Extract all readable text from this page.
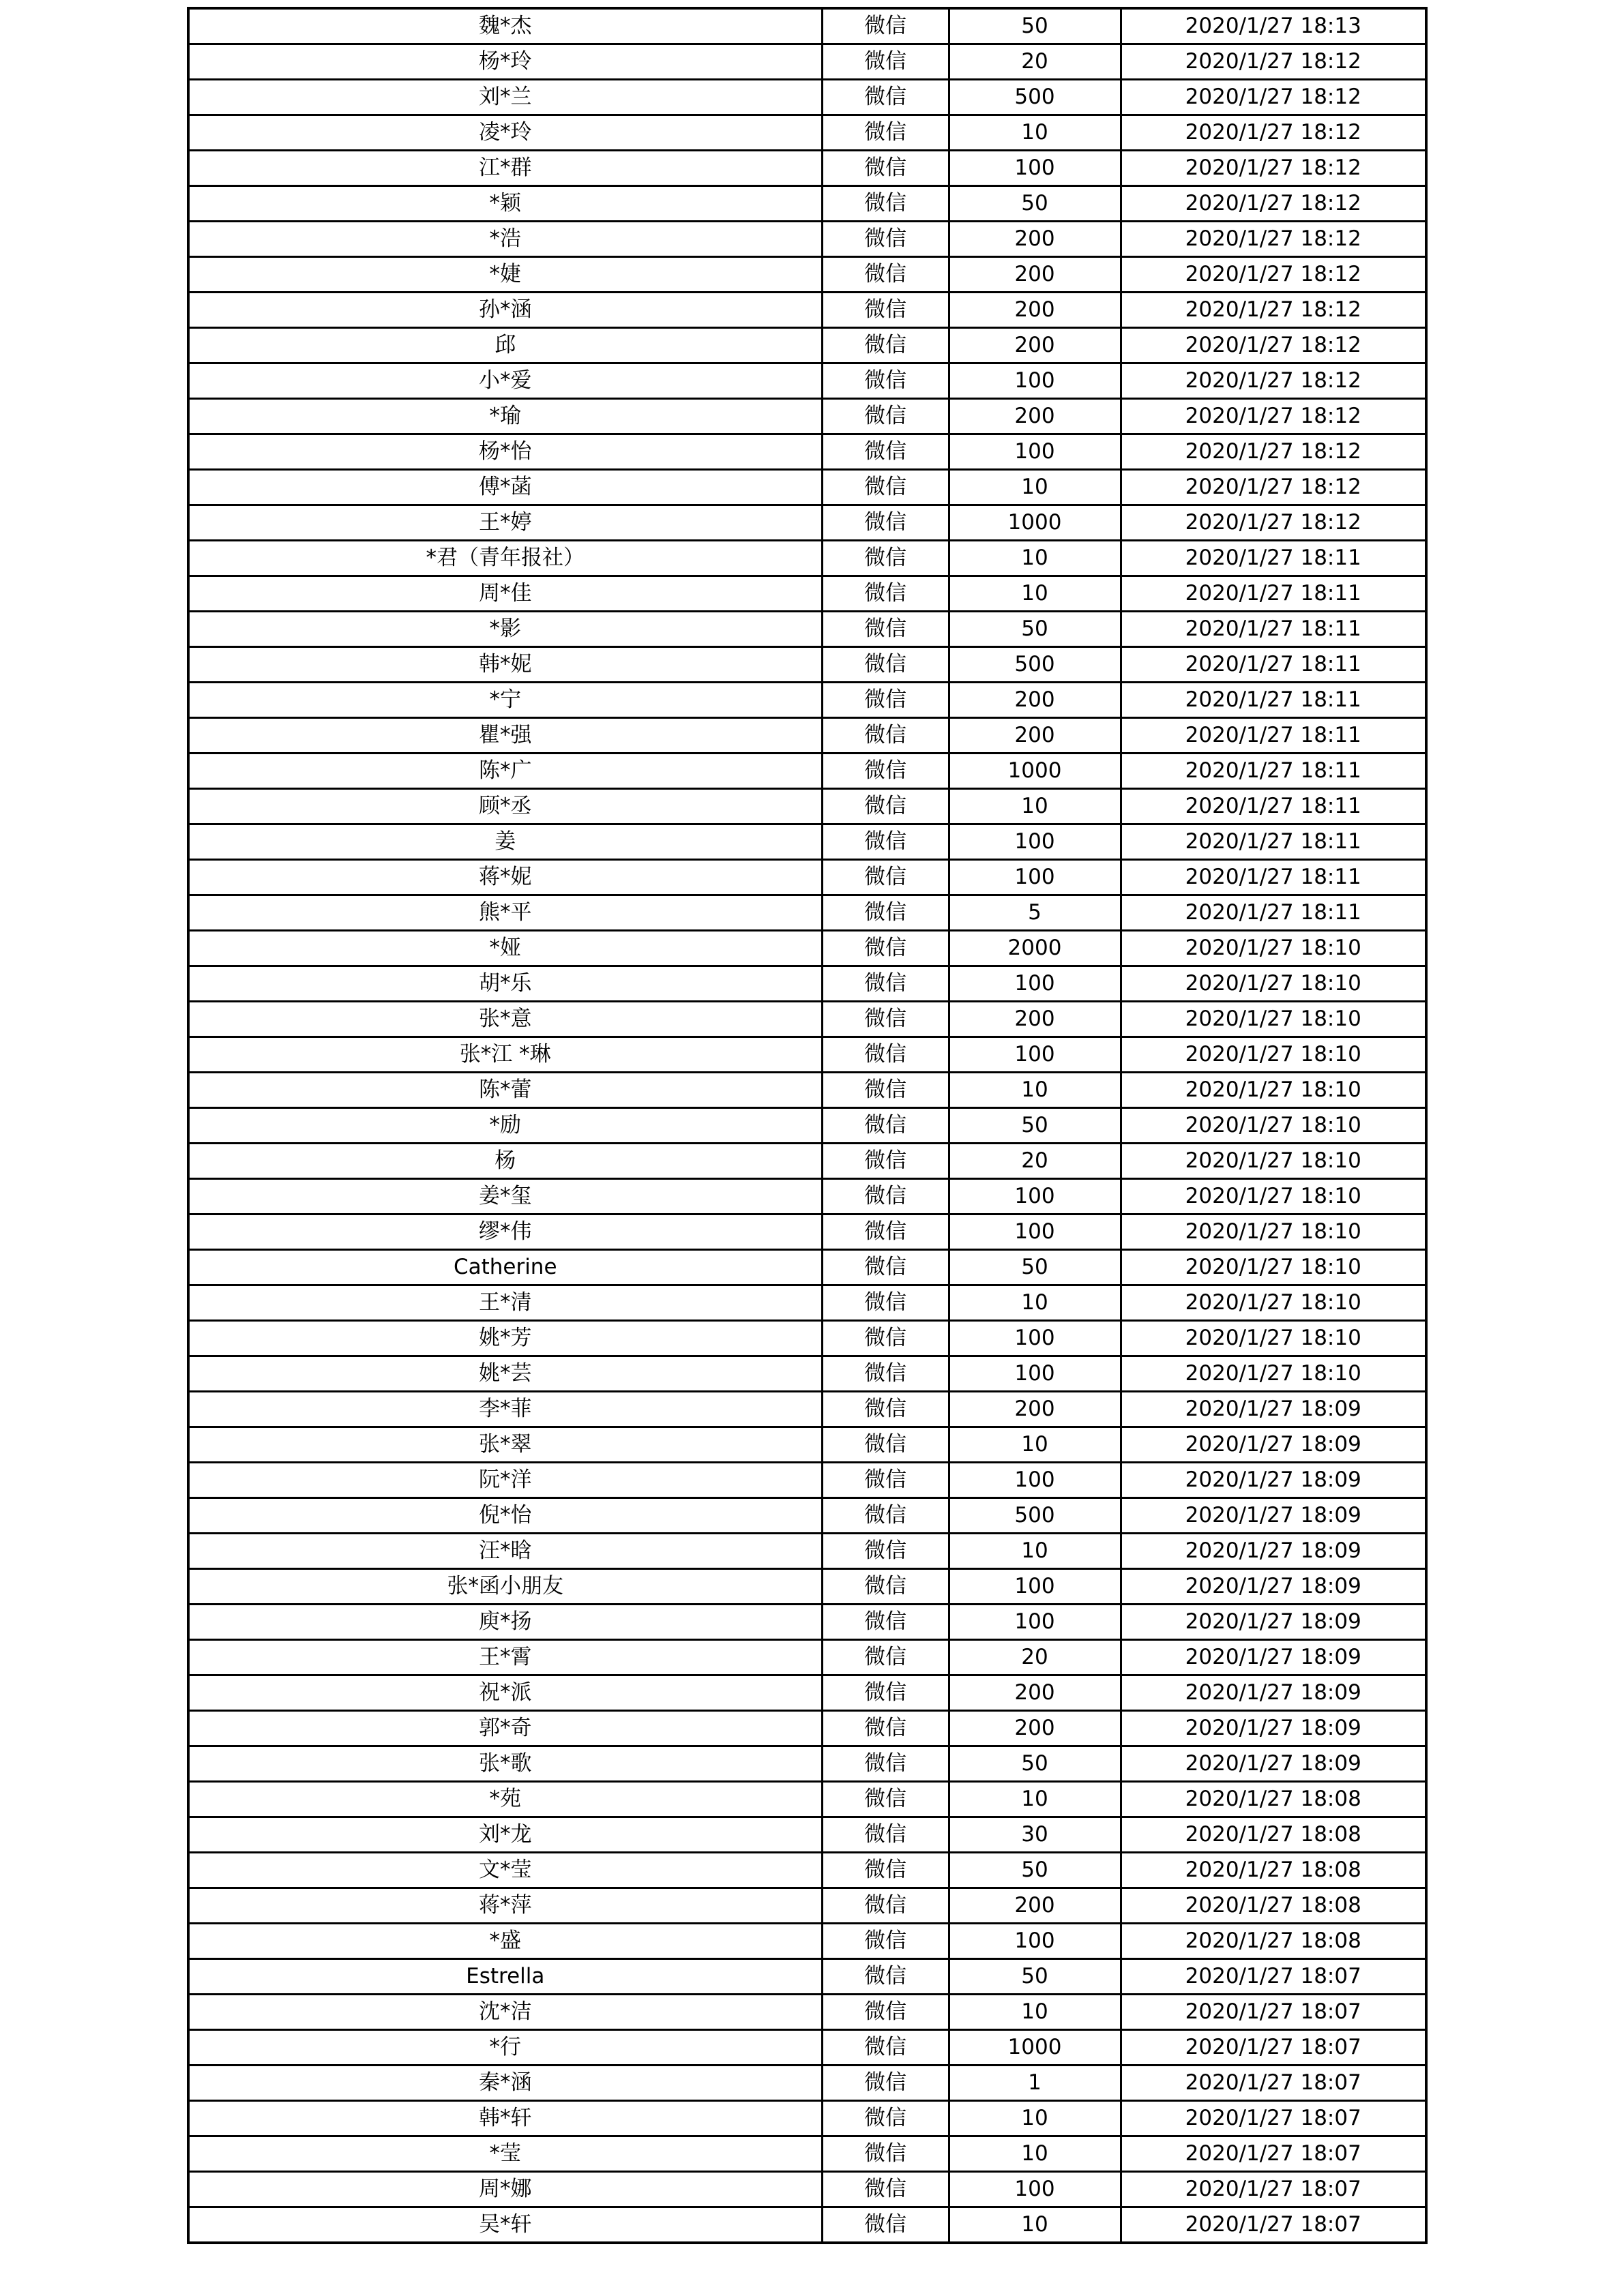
魏*杰	微信	50	2020/1/27 18:13
杨*玲	微信	20	2020/1/27 18:12
刘*兰	微信	500	2020/1/27 18:12
凌*玲	微信	10	2020/1/27 18:12
江*群	微信	100	2020/1/27 18:12
*颖	微信	50	2020/1/27 18:12
*浩	微信	200	2020/1/27 18:12
*婕	微信	200	2020/1/27 18:12
孙*涵	微信	200	2020/1/27 18:12
邱	微信	200	2020/1/27 18:12
小*爱	微信	100	2020/1/27 18:12
*瑜	微信	200	2020/1/27 18:12
杨*怡	微信	100	2020/1/27 18:12
傅*菡	微信	10	2020/1/27 18:12
王*婷	微信	1000	2020/1/27 18:12
*君（青年报社）	微信	10	2020/1/27 18:11
周*佳	微信	10	2020/1/27 18:11
*影	微信	50	2020/1/27 18:11
韩*妮	微信	500	2020/1/27 18:11
*宁	微信	200	2020/1/27 18:11
瞿*强	微信	200	2020/1/27 18:11
陈*广	微信	1000	2020/1/27 18:11
顾*丞	微信	10	2020/1/27 18:11
姜	微信	100	2020/1/27 18:11
蒋*妮	微信	100	2020/1/27 18:11
熊*平	微信	5	2020/1/27 18:11
*娅	微信	2000	2020/1/27 18:10
胡*乐	微信	100	2020/1/27 18:10
张*意	微信	200	2020/1/27 18:10
张*江 *琳	微信	100	2020/1/27 18:10
陈*蕾	微信	10	2020/1/27 18:10
*励	微信	50	2020/1/27 18:10
杨	微信	20	2020/1/27 18:10
姜*玺	微信	100	2020/1/27 18:10
缪*伟	微信	100	2020/1/27 18:10
Catherine	微信	50	2020/1/27 18:10
王*清	微信	10	2020/1/27 18:10
姚*芳	微信	100	2020/1/27 18:10
姚*芸	微信	100	2020/1/27 18:10
李*菲	微信	200	2020/1/27 18:09
张*翠	微信	10	2020/1/27 18:09
阮*洋	微信	100	2020/1/27 18:09
倪*怡	微信	500	2020/1/27 18:09
汪*晗	微信	10	2020/1/27 18:09
张*函小朋友	微信	100	2020/1/27 18:09
庾*扬	微信	100	2020/1/27 18:09
王*霄	微信	20	2020/1/27 18:09
祝*派	微信	200	2020/1/27 18:09
郭*奇	微信	200	2020/1/27 18:09
张*歌	微信	50	2020/1/27 18:09
*苑	微信	10	2020/1/27 18:08
刘*龙	微信	30	2020/1/27 18:08
文*莹	微信	50	2020/1/27 18:08
蒋*萍	微信	200	2020/1/27 18:08
*盛	微信	100	2020/1/27 18:08
Estrella	微信	50	2020/1/27 18:07
沈*洁	微信	10	2020/1/27 18:07
*行	微信	1000	2020/1/27 18:07
秦*涵	微信	1	2020/1/27 18:07
韩*轩	微信	10	2020/1/27 18:07
*莹	微信	10	2020/1/27 18:07
周*娜	微信	100	2020/1/27 18:07
吴*轩	微信	10	2020/1/27 18:07
